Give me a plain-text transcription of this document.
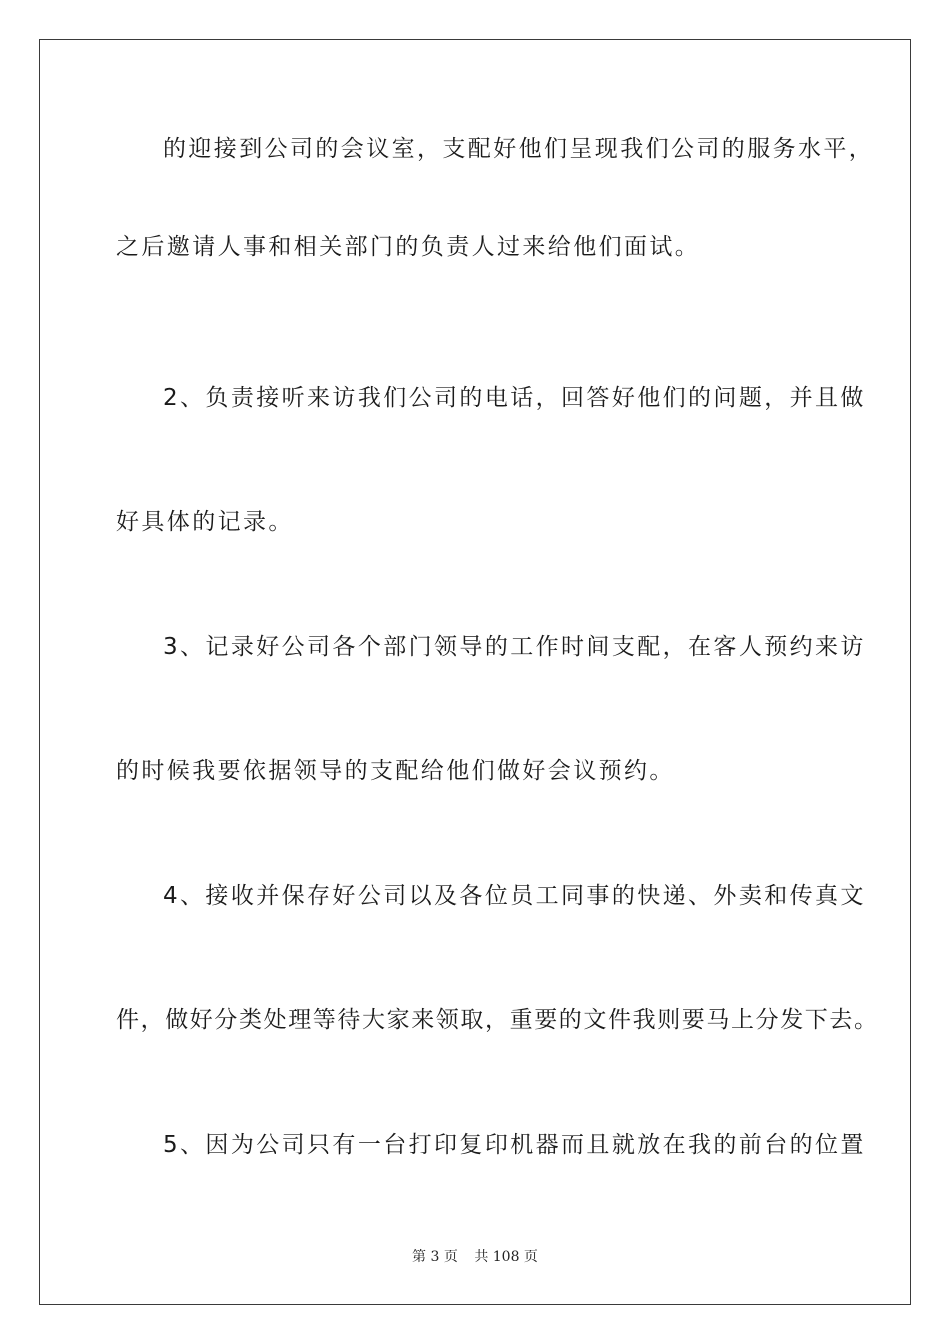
的迎接到公司的会议室，支配好他们呈现我们公司的服务水平，
之后邀请人事和相关部门的负责人过来给他们面试。
2、负责接听来访我们公司的电话，回答好他们的问题，并且做
好具体的记录。
3、记录好公司各个部门领导的工作时间支配，在客人预约来访
的时候我要依据领导的支配给他们做好会议预约。
4、接收并保存好公司以及各位员工同事的快递、外卖和传真文
件，做好分类处理等待大家来领取，重要的文件我则要马上分发下去。
5、因为公司只有一台打印复印机器而且就放在我的前台的位置
第 3 页 共 108 页
